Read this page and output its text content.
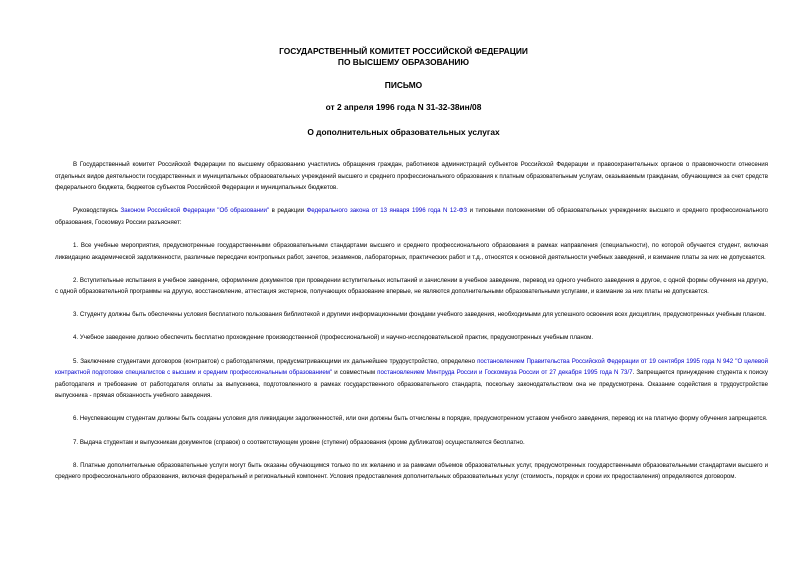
ГОСУДАРСТВЕННЫЙ КОМИТЕТ РОССИЙСКОЙ ФЕДЕРАЦИИ
ПО ВЫСШЕМУ ОБРАЗОВАНИЮ
ПИСЬМО
от 2 апреля 1996 года N 31-32-38ин/08
О дополнительных образовательных услугах

В Государственный комитет Российской Федерации по высшему образованию участились обращения граждан, работников администраций субъектов Российской Федерации и правоохранительных органов о правомочности отнесения отдельных видов деятельности государственных и муниципальных образовательных учреждений высшего и среднего профессионального образования к платным образовательным услугам, оказываемым гражданам, обучающимся за счет средств федерального бюджета, бюджетов субъектов Российской Федерации и муниципальных бюджетов.

Руководствуясь Законом Российской Федерации "Об образовании" в редакции Федерального закона от 13 января 1996 года N 12-ФЗ и типовыми положениями об образовательных учреждениях высшего и среднего профессионального образования, Госкомвуз России разъясняет:

1. Все учебные мероприятия, предусмотренные государственными образовательными стандартами высшего и среднего профессионального образования в рамках направления (специальности), по которой обучается студент, включая ликвидацию академической задолженности, различные пересдачи контрольных работ, зачетов, экзаменов, лабораторных, практических работ и т.д., относятся к основной деятельности учебных заведений, и взимание платы за них не допускается.

2. Вступительные испытания в учебное заведение, оформление документов при проведении вступительных испытаний и зачислении в учебное заведение, перевод из одного учебного заведения в другое, с одной формы обучения на другую, с одной образовательной программы на другую, восстановление, аттестация экстернов, получающих образование впервые, не являются дополнительными образовательными услугами, и взимание за них платы не допускается.

3. Студенту должны быть обеспечены условия бесплатного пользования библиотекой и другими информационными фондами учебного заведения, необходимыми для успешного освоения всех дисциплин, предусмотренных учебным планом.

4. Учебное заведение должно обеспечить бесплатно прохождение производственной (профессиональной) и научно-исследовательской практик, предусмотренных учебным планом.

5. Заключение студентами договоров (контрактов) с работодателями, предусматривающими их дальнейшее трудоустройство, определено постановлением Правительства Российской Федерации от 19 сентября 1995 года N 942 "О целевой контрактной подготовке специалистов с высшим и средним профессиональным образованием" и совместным постановлением Минтруда России и Госкомвуза России от 27 декабря 1995 года N 73/7. Запрещается принуждение студента к поиску работодателя и требование от работодателя оплаты за выпускника, подготовленного в рамках государственного образовательного стандарта, поскольку законодательством она не предусмотрена. Оказание содействия в трудоустройстве выпускника - прямая обязанность учебного заведения.

6. Неуспевающим студентам должны быть созданы условия для ликвидации задолженностей, или они должны быть отчислены в порядке, предусмотренном уставом учебного заведения, перевод их на платную форму обучения запрещается.

7. Выдача студентам и выпускникам документов (справок) о соответствующем уровне (ступени) образования (кроме дубликатов) осуществляется бесплатно.

8. Платные дополнительные образовательные услуги могут быть оказаны обучающимся только по их желанию и за рамками объемов образовательных услуг, предусмотренных государственными образовательными стандартами высшего и среднего профессионального образования, включая федеральный и региональный компонент. Условия предоставления дополнительных образовательных услуг (стоимость, порядок и сроки их предоставления) определяются договором.
